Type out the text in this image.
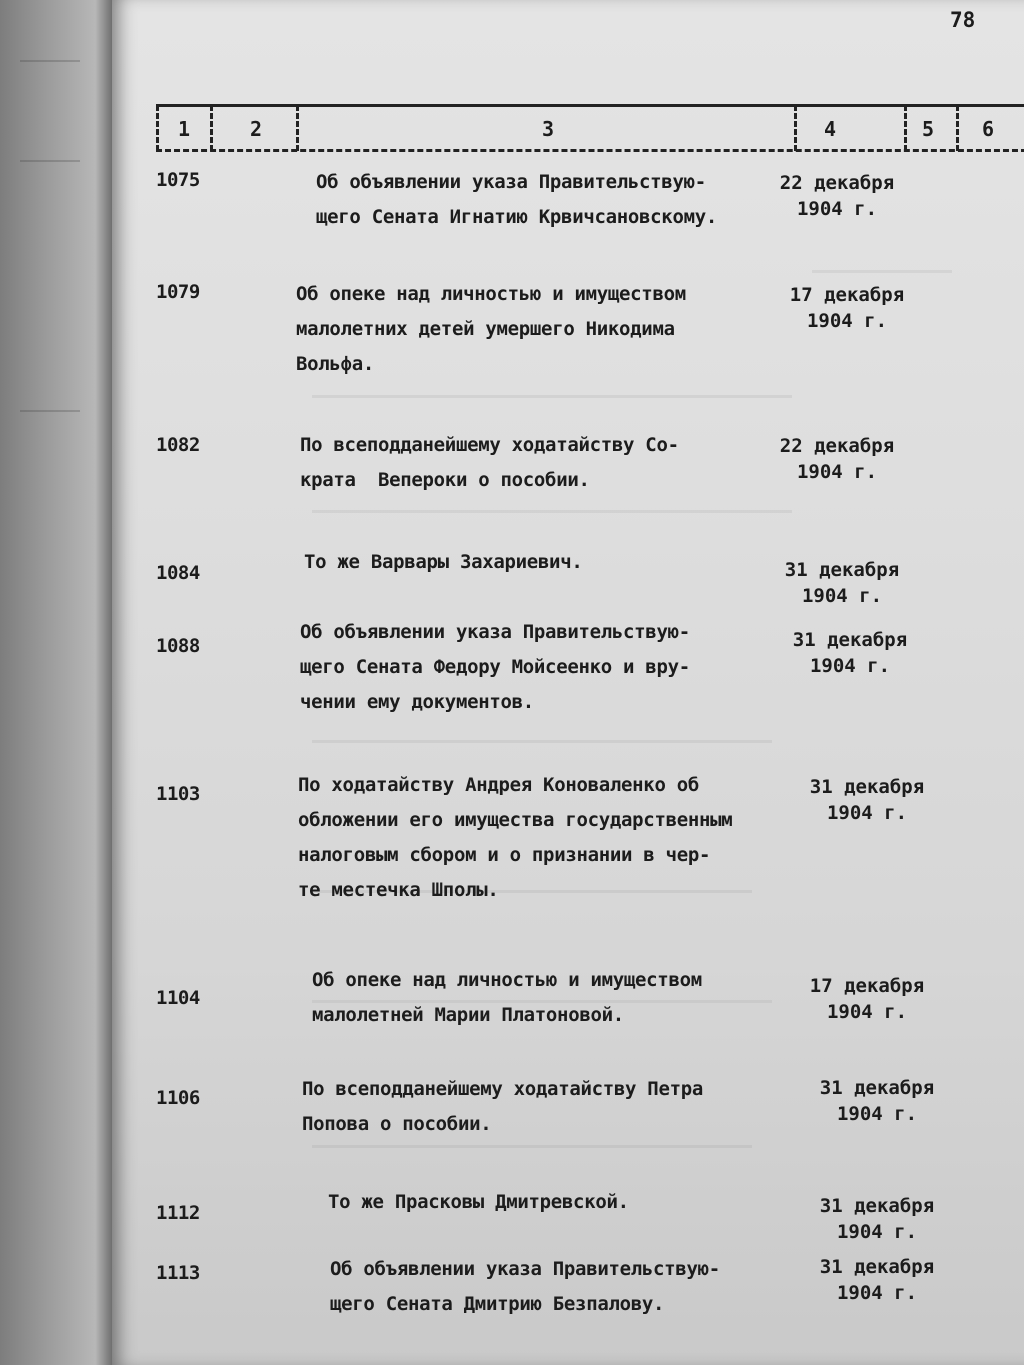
78
1	2	3	4	5 6
1075	Об объявлении указа Правительствую-
щего Сената Игнатию Крвичсановскому.
22 декабря
1904 г.
1079	Об опеке над личностью и имуществом
малолетних детей умершего Никодима
Вольфа.
17 декабря
1904 г.
1082	По всеподданейшему ходатайству Со-
крата  Вепероки о пособии.
22 декабря
1904 г.
1084	То же Варвары Захариевич.	31 декабря
1904 г.
1088
Об объявлении указа Правительствую-
щего Сената Федору Мойсеенко и вру-
чении ему документов.
31 декабря
1904 г.
1103	По ходатайству Андрея Коноваленко об
обложении его имущества государственным
налоговым сбором и о признании в чер-
те местечка Шполы.
31 декабря
1904 г.
1104
Об опеке над личностью и имуществом
малолетней Марии Платоновой.
17 декабря
1904 г.
1106	По всеподданейшему ходатайству Петра
Попова о пособии.
31 декабря
1904 г.
1112	То же Прасковы Дмитревской.	31 декабря
1904 г.
1113	Об объявлении указа Правительствую-
щего Сената Дмитрию Безпалову.
31 декабря
1904 г.
